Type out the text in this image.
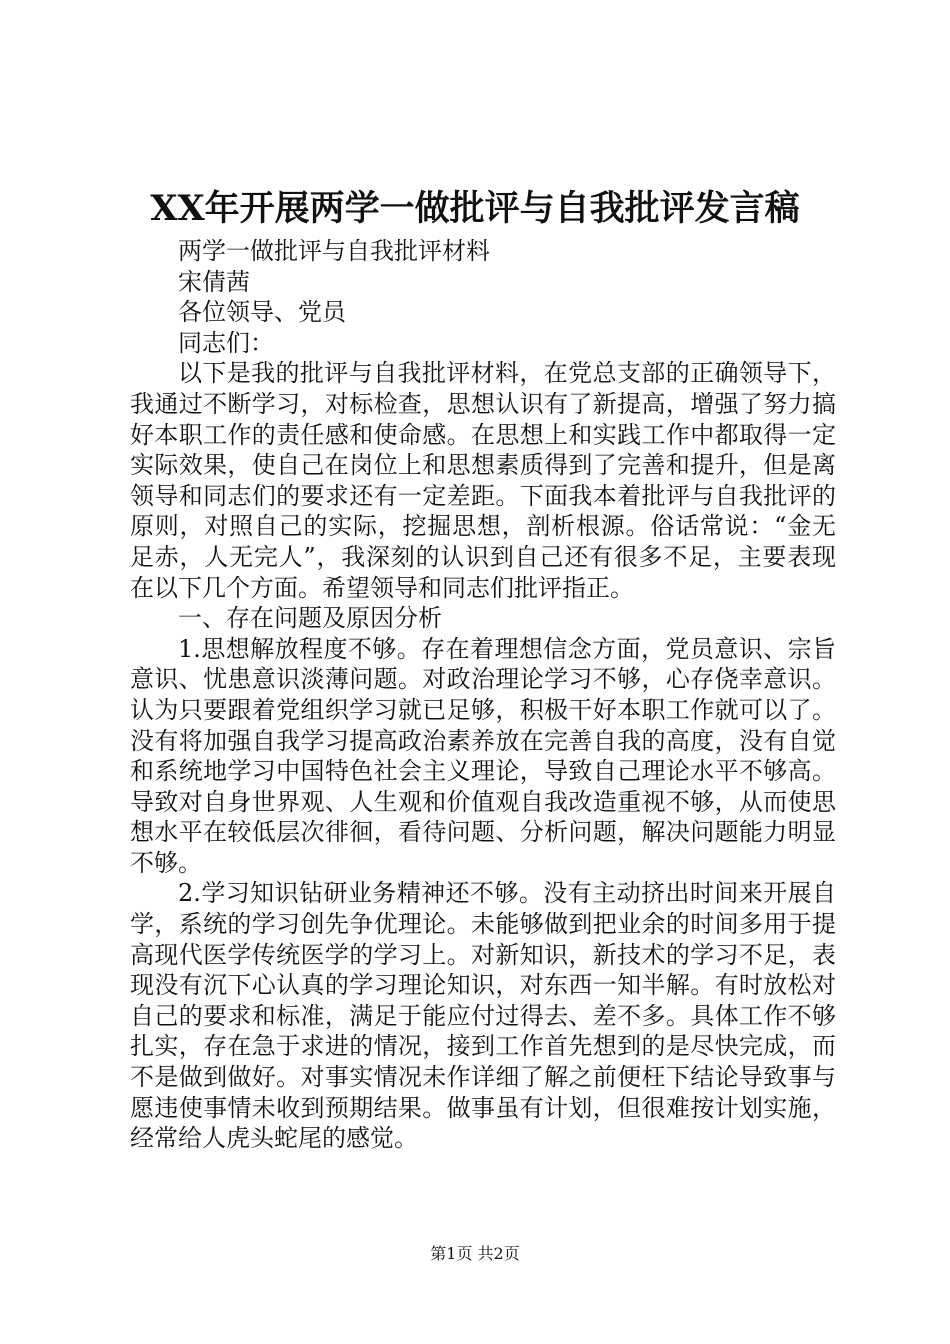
XX年开展两学一做批评与自我批评发言稿

两学一做批评与自我批评材料

宋倩茜

各位领导、党员

同志们：

以下是我的批评与自我批评材料，在党总支部的正确领导下，我通过不断学习，对标检查，思想认识有了新提高，增强了努力搞好本职工作的责任感和使命感。在思想上和实践工作中都取得一定实际效果，使自己在岗位上和思想素质得到了完善和提升，但是离领导和同志们的要求还有一定差距。下面我本着批评与自我批评的原则，对照自己的实际，挖掘思想，剖析根源。俗话常说：“金无足赤，人无完人”，我深刻的认识到自己还有很多不足，主要表现在以下几个方面。希望领导和同志们批评指正。

一、存在问题及原因分析

1.思想解放程度不够。存在着理想信念方面，党员意识、宗旨意识、忧患意识淡薄问题。对政治理论学习不够，心存侥幸意识。认为只要跟着党组织学习就已足够，积极干好本职工作就可以了。没有将加强自我学习提高政治素养放在完善自我的高度，没有自觉和系统地学习中国特色社会主义理论，导致自己理论水平不够高。导致对自身世界观、人生观和价值观自我改造重视不够，从而使思想水平在较低层次徘徊，看待问题、分析问题，解决问题能力明显不够。

2.学习知识钻研业务精神还不够。没有主动挤出时间来开展自学，系统的学习创先争优理论。未能够做到把业余的时间多用于提高现代医学传统医学的学习上。对新知识，新技术的学习不足，表现没有沉下心认真的学习理论知识，对东西一知半解。有时放松对自己的要求和标准，满足于能应付过得去、差不多。具体工作不够扎实，存在急于求进的情况，接到工作首先想到的是尽快完成，而不是做到做好。对事实情况未作详细了解之前便枉下结论导致事与愿违使事情未收到预期结果。做事虽有计划，但很难按计划实施，经常给人虎头蛇尾的感觉。

第1页 共2页
